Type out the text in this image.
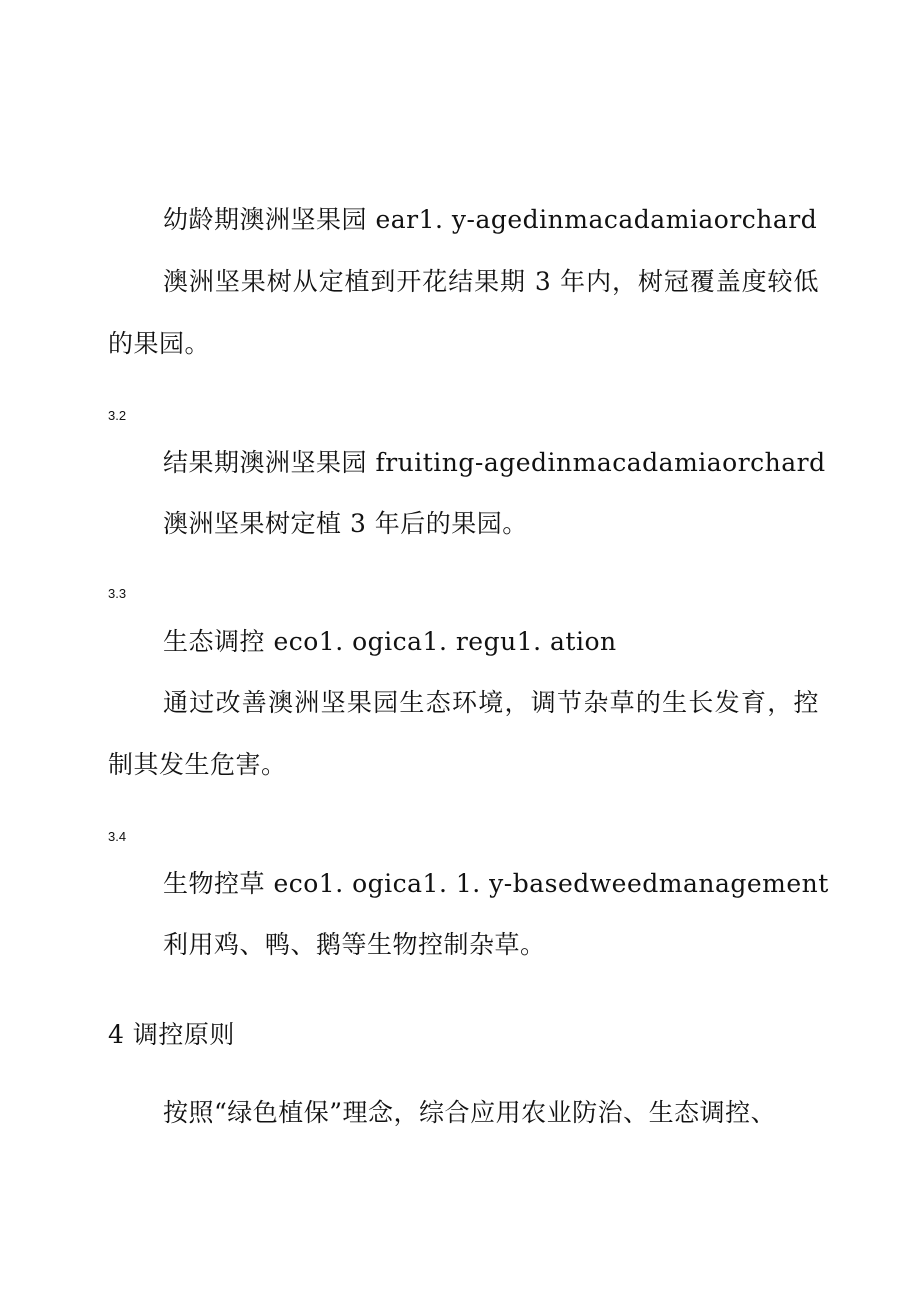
幼龄期澳洲坚果园 ear1. y-agedinmacadamiaorchard
澳洲坚果树从定植到开花结果期 3 年内，树冠覆盖度较低
的果园。
3.2
结果期澳洲坚果园 fruiting-agedinmacadamiaorchard
澳洲坚果树定植 3 年后的果园。
3.3
生态调控 eco1. ogica1. regu1. ation
通过改善澳洲坚果园生态环境，调节杂草的生长发育，控
制其发生危害。
3.4
生物控草 eco1. ogica1. 1. y-basedweedmanagement
利用鸡、鸭、鹅等生物控制杂草。
4 调控原则
按照“绿色植保”理念，综合应用农业防治、生态调控、
